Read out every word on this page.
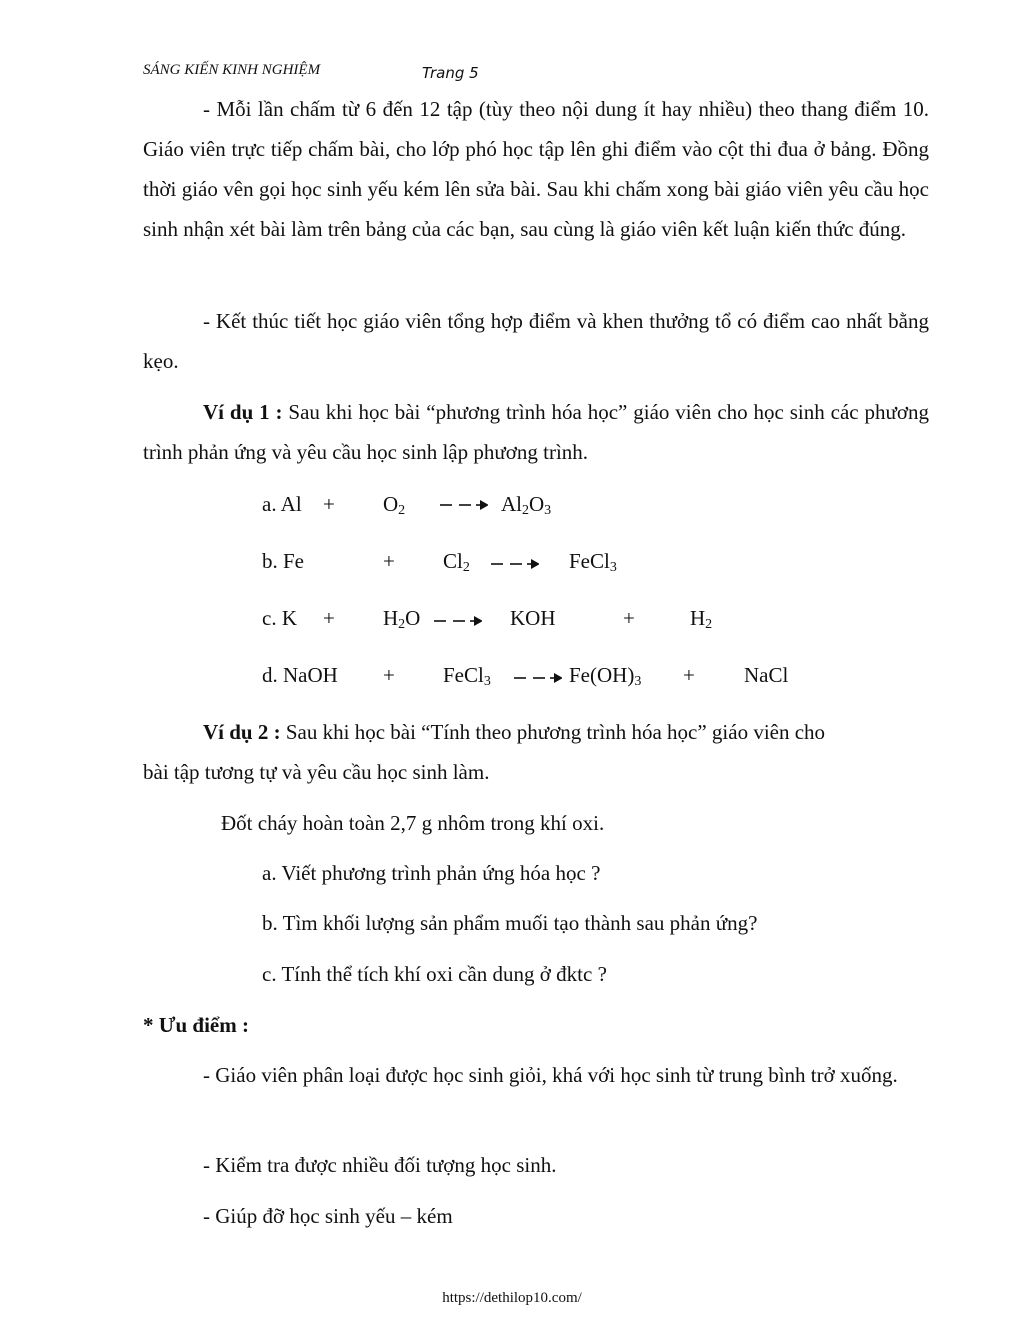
SÁNG KIẾN KINH NGHIỆM	Trang 5

- Mỗi lần chấm từ 6 đến 12 tập (tùy theo nội dung ít hay nhiều) theo thang điểm 10. Giáo viên trực tiếp chấm bài, cho lớp phó học tập lên ghi điểm vào cột thi đua ở bảng. Đồng thời giáo vên gọi học sinh yếu kém lên sửa bài. Sau khi chấm xong bài giáo viên yêu cầu học sinh nhận xét bài làm trên bảng của các bạn, sau cùng là giáo viên kết luận kiến thức đúng.

- Kết thúc tiết học giáo viên tổng hợp điểm và khen thưởng tổ có điểm cao nhất bằng kẹo.

Ví dụ 1 : Sau khi học bài “phương trình hóa học” giáo viên cho học sinh các phương trình phản ứng và yêu cầu học sinh lập phương trình.

a. $Al + O_2$	$Al_2O_3$
b. Fe	+ $Cl_2$	FeCl$_3$
c. $K + H_2O$	KOH	+	$H_2$
d. NaOH + FeCl$_3$	$Fe(OH)_3$ + NaCl
Ví dụ 2 : Sau khi học bài “Tính theo phương trình hóa học” giáo viên cho
bài tập tương tự và yêu cầu học sinh làm.
Đốt cháy hoàn toàn 2,7 g nhôm trong khí oxi.
a. Viết phương trình phản ứng hóa học ?
b. Tìm khối lượng sản phẩm muối tạo thành sau phản ứng?
c. Tính thể tích khí oxi cần dung ở đktc ?
* Ưu điểm :

- Giáo viên phân loại được học sinh giỏi, khá với học sinh từ trung bình trở xuống.

- Kiểm tra được nhiều đối tượng học sinh.
- Giúp đỡ học sinh yếu – kém
https://dethilop10.com/
